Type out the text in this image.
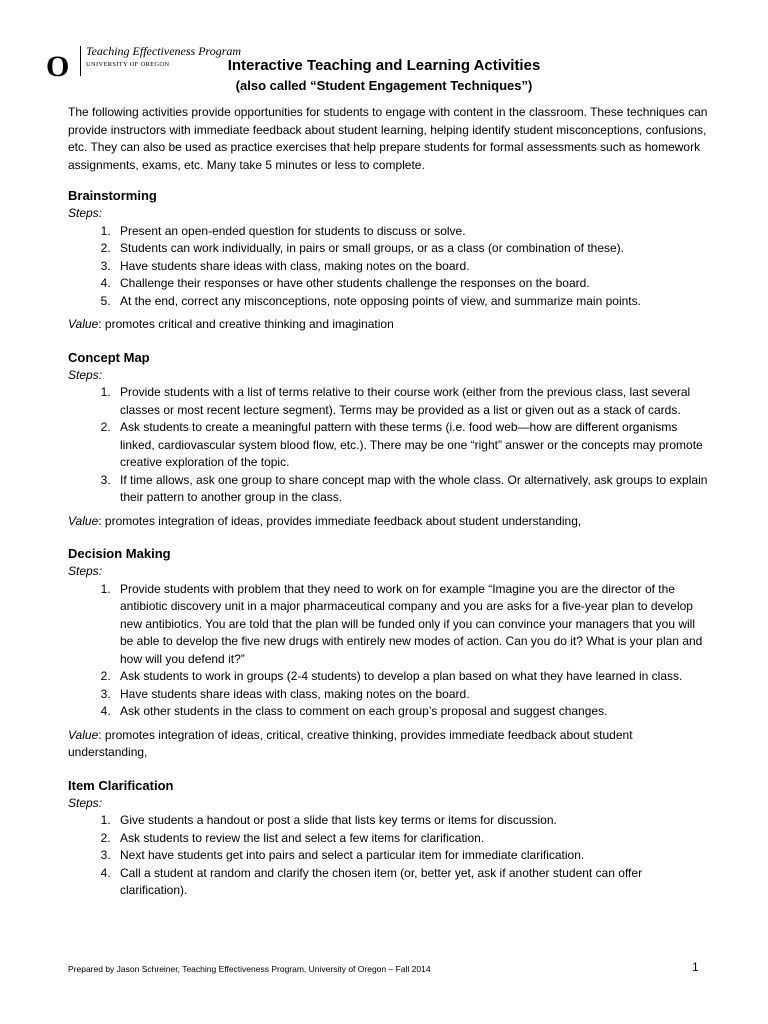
O Teaching Effectiveness Program
UNIVERSITY OF OREGON	Interactive Teaching and Learning Activities
(also called “Student Engagement Techniques”)

The following activities provide opportunities for students to engage with content in the classroom. These techniques can provide instructors with immediate feedback about student learning, helping identify student misconceptions, confusions, etc. They can also be used as practice exercises that help prepare students for formal assessments such as homework assignments, exams, etc. Many take 5 minutes or less to complete.

Brainstorming
Steps:
1. Present an open-ended question for students to discuss or solve.
2. Students can work individually, in pairs or small groups, or as a class (or combination of these).
3. Have students share ideas with class, making notes on the board.
4. Challenge their responses or have other students challenge the responses on the board.
5. At the end, correct any misconceptions, note opposing points of view, and summarize main points.
Value: promotes critical and creative thinking and imagination
Concept Map
Steps:
1. Provide students with a list of terms relative to their course work (either from the previous class, last several classes or most recent lecture segment). Terms may be provided as a list or given out as a stack of cards.
2. Ask students to create a meaningful pattern with these terms (i.e. food web—how are different organisms linked, cardiovascular system blood flow, etc.). There may be one “right” answer or the concepts may promote creative exploration of the topic.
3. If time allows, ask one group to share concept map with the whole class. Or alternatively, ask groups to explain their pattern to another group in the class.
Value: promotes integration of ideas, provides immediate feedback about student understanding,
Decision Making
Steps:
1. Provide students with problem that they need to work on for example “Imagine you are the director of the antibiotic discovery unit in a major pharmaceutical company and you are asks for a five-year plan to develop new antibiotics. You are told that the plan will be funded only if you can convince your managers that you will be able to develop the five new drugs with entirely new modes of action. Can you do it? What is your plan and how will you defend it?”
2. Ask students to work in groups (2-4 students) to develop a plan based on what they have learned in class.
3. Have students share ideas with class, making notes on the board.
4. Ask other students in the class to comment on each group’s proposal and suggest changes.
Value: promotes integration of ideas, critical, creative thinking, provides immediate feedback about student understanding,
Item Clarification
Steps:
1. Give students a handout or post a slide that lists key terms or items for discussion.
2. Ask students to review the list and select a few items for clarification.
3. Next have students get into pairs and select a particular item for immediate clarification.
4. Call a student at random and clarify the chosen item (or, better yet, ask if another student can offer clarification).
Prepared by Jason Schreiner, Teaching Effectiveness Program, University of Oregon – Fall 2014	1
